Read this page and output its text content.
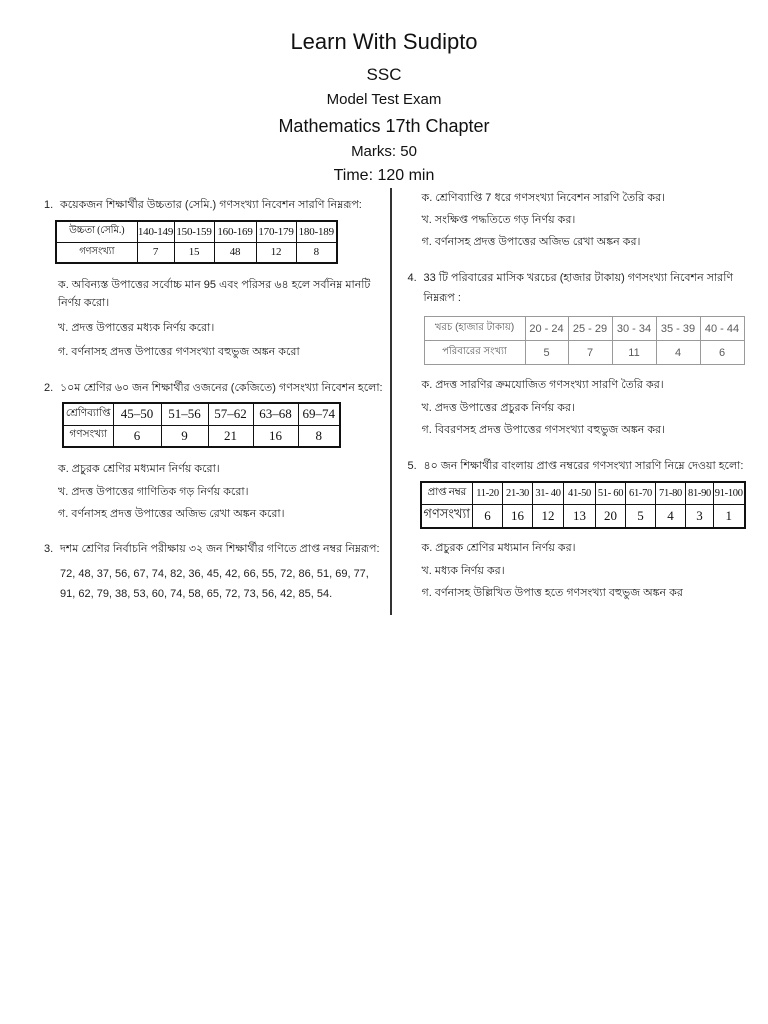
Learn With Sudipto
SSC
Model Test Exam
Mathematics 17th Chapter
Marks: 50
Time: 120 min
1. কয়েকজন শিক্ষার্থীর উচ্চতার (সেমি.) গণসংখ্যা নিবেশন সারণি নিম্নরূপ:
উচ্চতা (সেমি.)	140-149	150-159	160-169	170-179	180-189
গণসংখ্যা	7	15	48	12	8
ক. অবিন্যস্ত উপাত্তের সর্বোচ্চ মান 95 এবং পরিসর ৬৪ হলে সর্বনিম্ন মানটি নির্ণয় করো।
খ. প্রদত্ত উপাত্তের মধ্যক নির্ণয় করো।
গ. বর্ণনাসহ প্রদত্ত উপাত্তের গণসংখ্যা বহুভুজ অঙ্কন করো
2. ১০ম শ্রেণির ৬০ জন শিক্ষার্থীর ওজনের (কেজিতে) গণসংখ্যা নিবেশন হলো:
শ্রেণিব্যাপ্তি	45–50	51–56	57–62	63–68	69–74
গণসংখ্যা	6	9	21	16	8
ক. প্রচুরক শ্রেণির মধ্যমান নির্ণয় করো।
খ. প্রদত্ত উপাত্তের গাণিতিক গড় নির্ণয় করো।
গ. বর্ণনাসহ প্রদত্ত উপাত্তের অজিভ রেখা অঙ্কন করো।
3. দশম শ্রেণির নির্বাচনি পরীক্ষায় ৩২ জন শিক্ষার্থীর গণিতে প্রাপ্ত নম্বর নিম্নরূপ:
72, 48, 37, 56, 67, 74, 82, 36, 45, 42, 66, 55, 72, 86, 51, 69, 77,
91, 62, 79, 38, 53, 60, 74, 58, 65, 72, 73, 56, 42, 85, 54.
ক. শ্রেণিব্যাপ্তি 7 ধরে গণসংখ্যা নিবেশন সারণি তৈরি কর।
খ. সংক্ষিপ্ত পদ্ধতিতে গড় নির্ণয় কর।
গ. বর্ণনাসহ প্রদত্ত উপাত্তের অজিভ রেখা অঙ্কন কর।
4. 33 টি পরিবারের মাসিক খরচের (হাজার টাকায়) গণসংখ্যা নিবেশন সারণি নিম্নরূপ :
খরচ (হাজার টাকায়)	20 - 24	25 - 29	30 - 34	35 - 39	40 - 44
পরিবারের সংখ্যা	5	7	11	4	6
ক. প্রদত্ত সারণির ক্রমযোজিত গণসংখ্যা সারণি তৈরি কর।
খ. প্রদত্ত উপাত্তের প্রচুরক নির্ণয় কর।
গ. বিবরণসহ প্রদত্ত উপাত্তের গণসংখ্যা বহুভুজ অঙ্কন কর।
5. ৪০ জন শিক্ষার্থীর বাংলায় প্রাপ্ত নম্বরের গণসংখ্যা সারণি নিম্নে দেওয়া হলো:
প্রাপ্ত নম্বর	11-20	21-30	31- 40	41-50	51- 60	61-70	71-80	81-90	91-100
গণসংখ্যা	6	16	12	13	20	5	4	3	1
ক. প্রচুরক শ্রেণির মধ্যমান নির্ণয় কর।
খ. মধ্যক নির্ণয় কর।
গ. বর্ণনাসহ উল্লিখিত উপাত্ত হতে গণসংখ্যা বহুভুজ অঙ্কন কর
